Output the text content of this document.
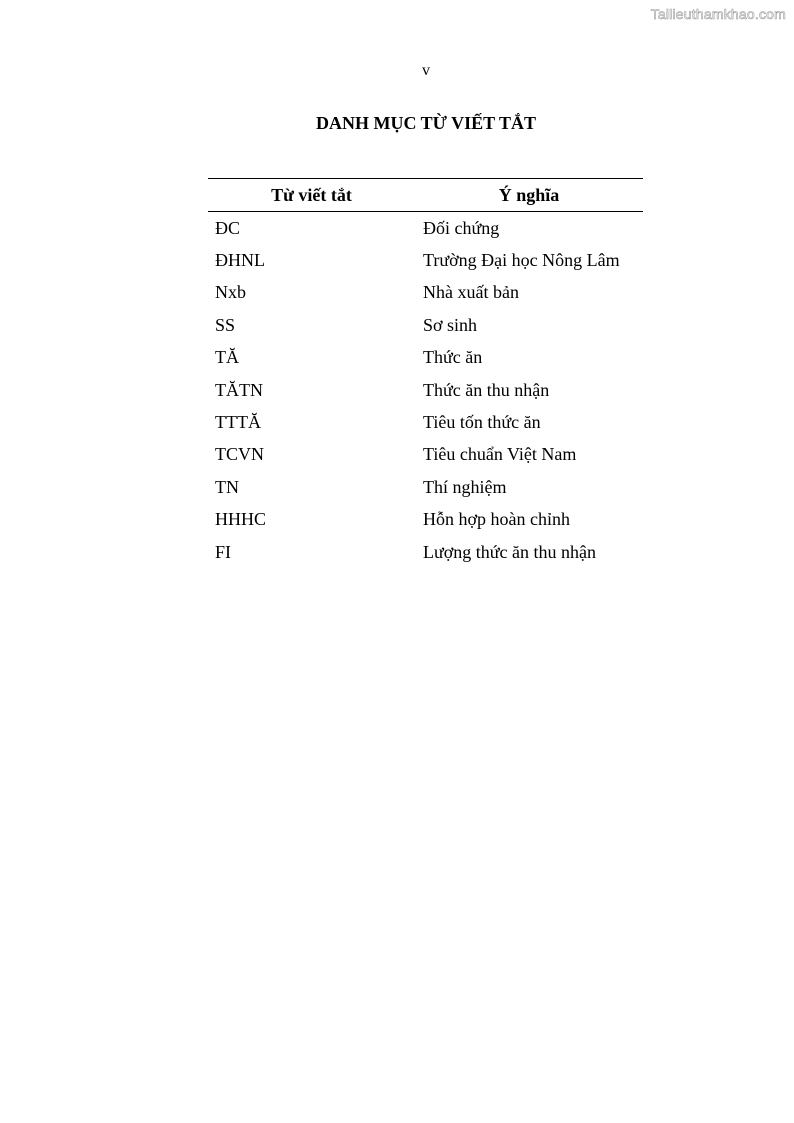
Tailieuthamkhao.com
v
DANH MỤC TỪ VIẾT TẮT
Từ viết tắt	Ý nghĩa
ĐC	Đối chứng
ĐHNL	Trường Đại học Nông Lâm
Nxb	Nhà xuất bản
SS	Sơ sinh
TĂ	Thức ăn
TĂTN	Thức ăn thu nhận
TTTĂ	Tiêu tốn thức ăn
TCVN	Tiêu chuẩn Việt Nam
TN	Thí nghiệm
HHHC	Hỗn hợp hoàn chỉnh
FI	Lượng thức ăn thu nhận
